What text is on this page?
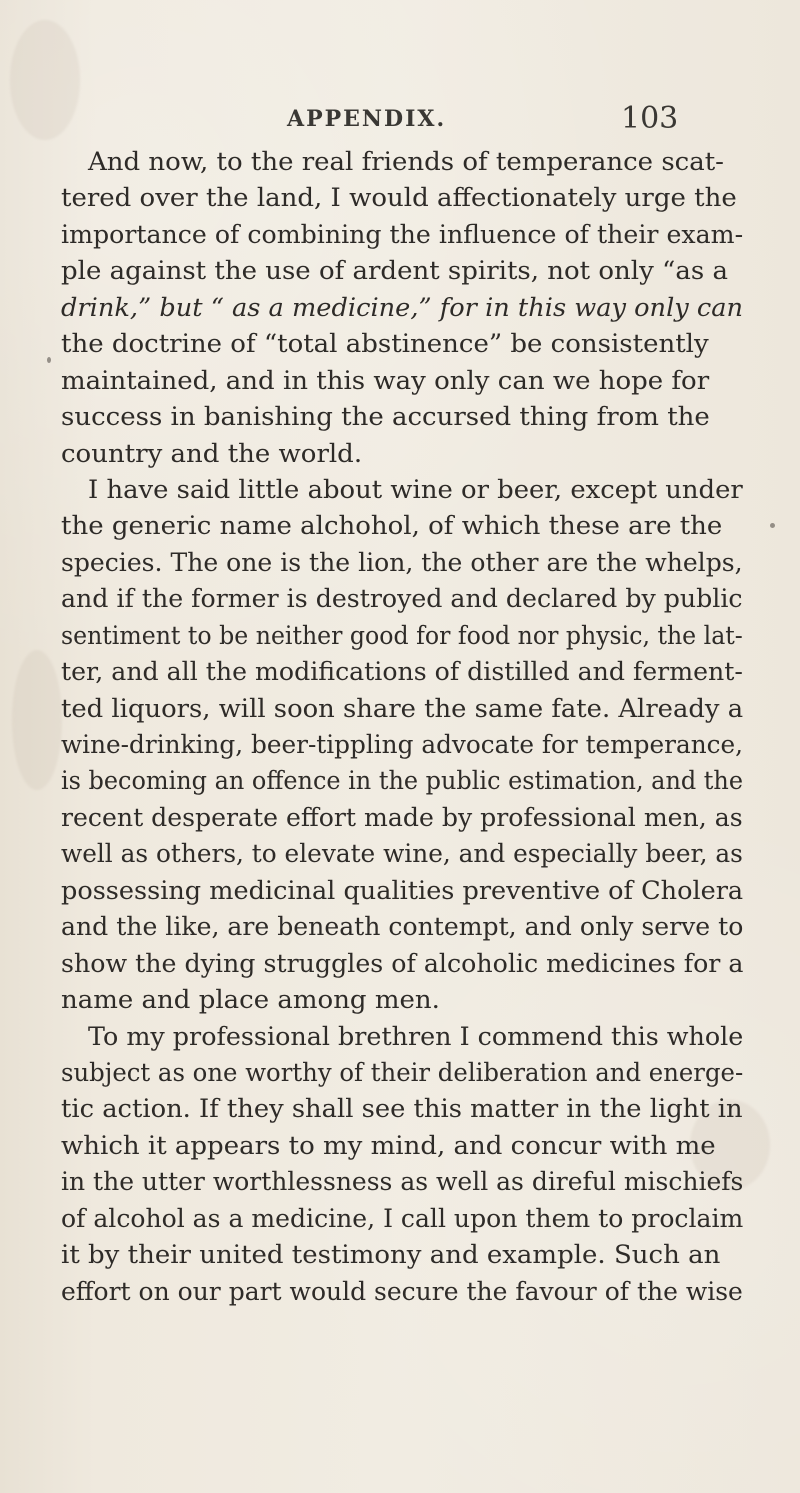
APPENDIX.	103
And now, to the real friends of temperance scat-
tered over the land, I would affectionately urge the
importance of combining the influence of their exam-
ple against the use of ardent spirits, not only “as a
drink,” but “ as a medicine,” for in this way only can
the doctrine of “total abstinence” be consistently
maintained, and in this way only can we hope for
success in banishing the accursed thing from the
country and the world.
I have said little about wine or beer, except under
the generic name alchohol, of which these are the
species. The one is the lion, the other are the whelps,
and if the former is destroyed and declared by public
sentiment to be neither good for food nor physic, the lat-
ter, and all the modifications of distilled and ferment-
ted liquors, will soon share the same fate. Already a
wine-drinking, beer-tippling advocate for temperance,
is becoming an offence in the public estimation, and the
recent desperate effort made by professional men, as
well as others, to elevate wine, and especially beer, as
possessing medicinal qualities preventive of Cholera
and the like, are beneath contempt, and only serve to
show the dying struggles of alcoholic medicines for a
name and place among men.
To my professional brethren I commend this whole
subject as one worthy of their deliberation and energe-
tic action. If they shall see this matter in the light in
which it appears to my mind, and concur with me
in the utter worthlessness as well as direful mischiefs
of alcohol as a medicine, I call upon them to proclaim
it by their united testimony and example. Such an
effort on our part would secure the favour of the wise
